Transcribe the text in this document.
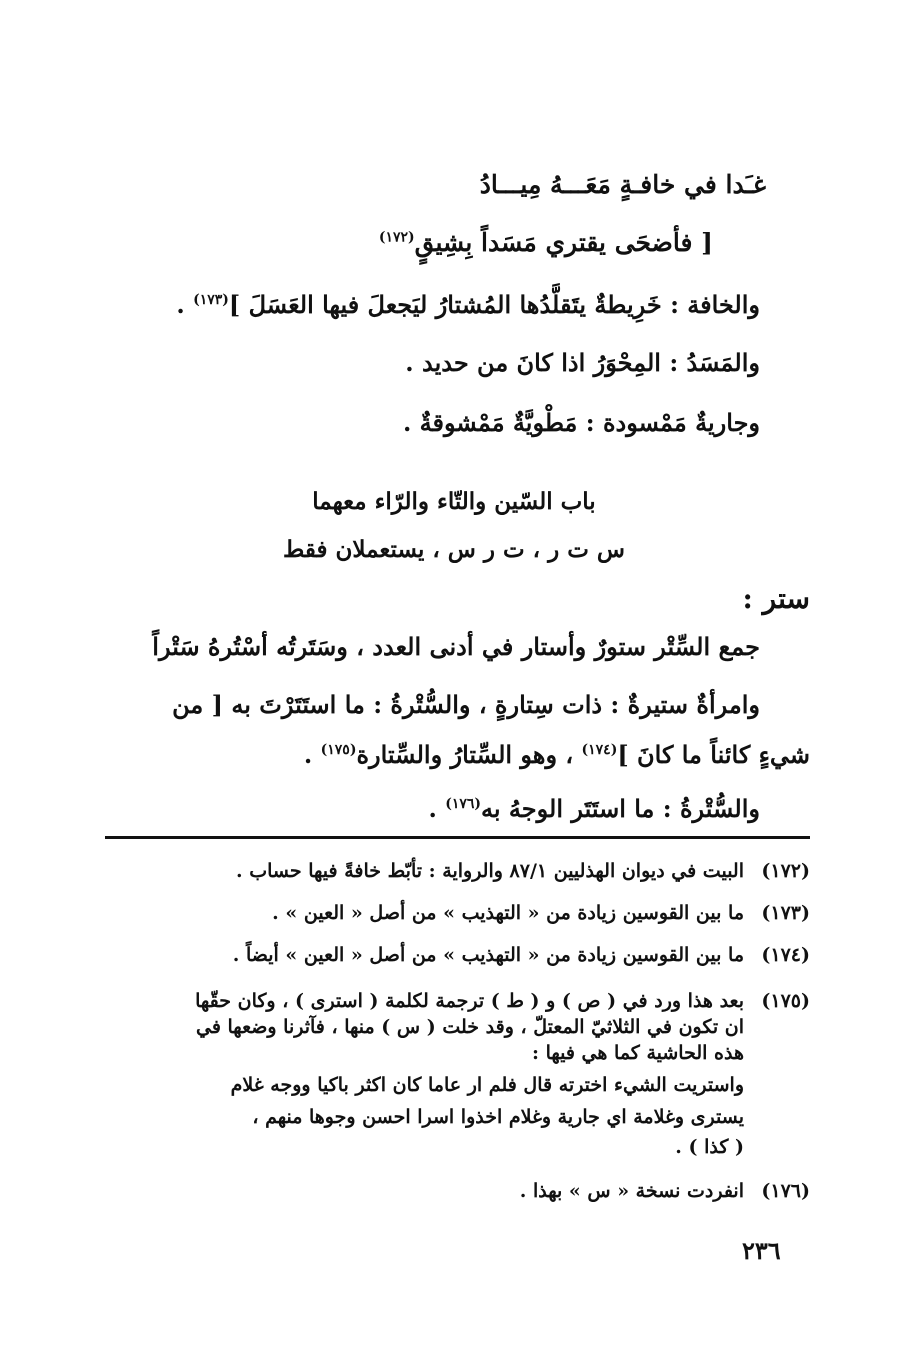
غـَدا في خافـةٍ مَعَـــهُ مِيـــادُ
[ فأضحَى يقتري مَسَداً بِشِيقٍ$^{(١٧٢)}$
والخافة : خَرِيطةٌ يتَقلَّدُها المُشتارُ ليَجعلَ فيها العَسَلَ ]$^{(١٧٣)}$ .
والمَسَدُ : المِحْوَرُ اذا كانَ من حديد .
وجاريةٌ مَمْسودة : مَطْويَّةٌ مَمْشوقةٌ .
باب السّين والتّاء والرّاء معهما
س ت ر ، ت ر س ، يستعملان فقط
ستر :
جمع السِّتْر ستورٌ وأستار في أدنى العدد ، وسَتَرتُه أسْتُرهُ سَتْراً
وامرأةٌ ستيرةٌ : ذات سِتارةٍ ، والسُّتْرةُ : ما استَتَرْتَ به [ من
شيءٍ كائناً ما كانَ ]$^{(١٧٤)}$ ، وهو السِّتارُ والسِّتارة$^{(١٧٥)}$ .
والسُّتْرةُ : ما استَتَر الوجهُ به$^{(١٧٦)}$ .
(١٧٢)
البيت في ديوان الهذليين ٨٧/١ والرواية : تأبّط خافةً فيها حساب .
(١٧٣)
ما بين القوسين زيادة من « التهذيب » من أصل « العين » .
(١٧٤)
ما بين القوسين زيادة من « التهذيب » من أصل « العين » أيضاً .
(١٧٥)
بعد هذا ورد في ( ص ) و ( ط ) ترجمة لكلمة ( استرى ) ، وكان حقّها
ان تكون في الثلاثيّ المعتلّ ، وقد خلت ( س ) منها ، فآثرنا وضعها في
هذه الحاشية كما هي فيها :
واستريت الشيء اخترته قال فلم ار عاما كان اكثر باكيا ووجه غلام
يسترى وغلامة اي جارية وغلام اخذوا اسرا احسن وجوها منهم ،
( كذا ) .
(١٧٦)
انفردت نسخة « س » بهذا .
٢٣٦
